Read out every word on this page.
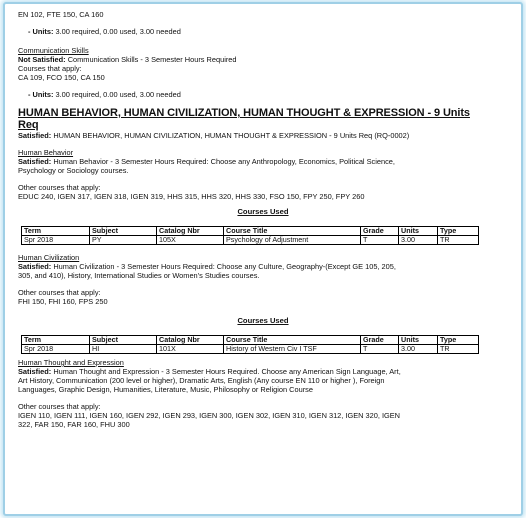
EN 102, FTE 150, CA 160
- Units: 3.00 required, 0.00 used, 3.00 needed
Communication Skills
Not Satisfied: Communication Skills - 3 Semester Hours Required
Courses that apply:
CA 109, FCO 150, CA 150
- Units: 3.00 required, 0.00 used, 3.00 needed
HUMAN BEHAVIOR, HUMAN CIVILIZATION, HUMAN THOUGHT & EXPRESSION - 9 Units
Req
Satisfied: HUMAN BEHAVIOR, HUMAN CIVILIZATION, HUMAN THOUGHT & EXPRESSION - 9 Units Req (RQ-0002)
Human Behavior
Satisfied: Human Behavior - 3 Semester Hours Required: Choose any Anthropology, Economics, Political Science,
Psychology or Sociology courses.
Other courses that apply:
EDUC 240, IGEN 317, IGEN 318, IGEN 319, HHS 315, HHS 320, HHS 330, FSO 150, FPY 250, FPY 260
Courses Used
Term	Subject	Catalog Nbr	Course Title	Grade	Units	Type
Spr 2018	PY	105X	Psychology of Adjustment	T	3.00	TR
Human Civilization
Satisfied: Human Civilization - 3 Semester Hours Required: Choose any Culture, Geography-(Except GE 105, 205,
305, and 410), History, International Studies or Women's Studies courses.
Other courses that apply:
FHI 150, FHI 160, FPS 250
Courses Used
Term	Subject	Catalog Nbr	Course Title	Grade	Units	Type
Spr 2018	HI	101X	History of Western Civ I TSF	T	3.00	TR
Human Thought and Expression
Satisfied: Human Thought and Expression - 3 Semester Hours Required. Choose any American Sign Language, Art,
Art History, Communication (200 level or higher), Dramatic Arts, English (Any course EN 110 or higher ), Foreign
Languages, Graphic Design, Humanities, Literature, Music, Philosophy or Religion Course
Other courses that apply:
IGEN 110, IGEN 111, IGEN 160, IGEN 292, IGEN 293, IGEN 300, IGEN 302, IGEN 310, IGEN 312, IGEN 320, IGEN
322, FAR 150, FAR 160, FHU 300
